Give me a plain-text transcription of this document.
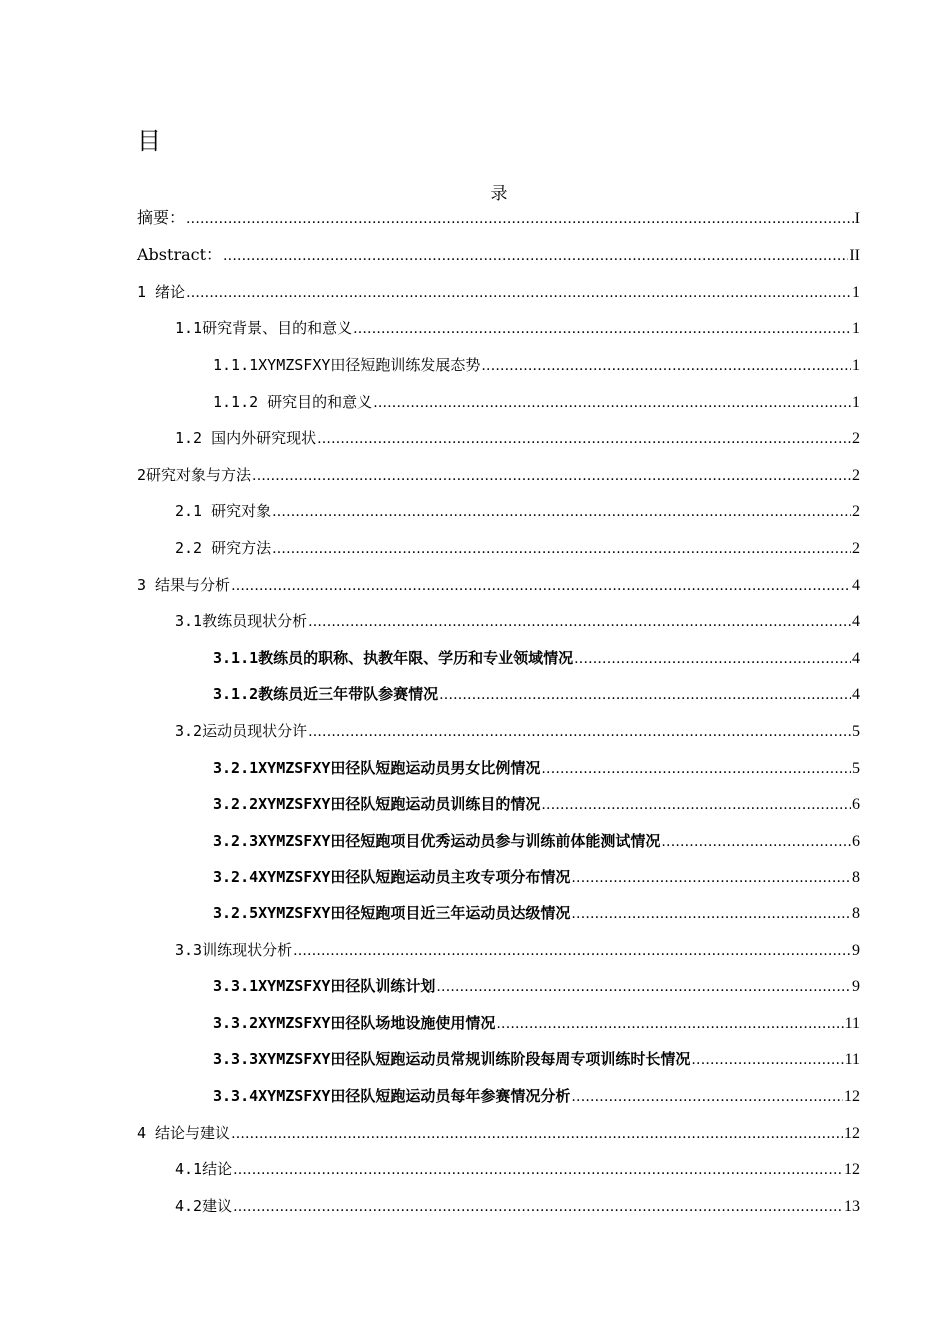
目
录
摘要： .....	I
Abstract： .....	II
1 绪论 .....	1
1.1研究背景、目的和意义 .....	1
1.1.1XYMZSFXY田径短跑训练发展态势 .....	1
1.1.2 研究目的和意义 .....	1
1.2 国内外研究现状 .....	2
2研究对象与方法 .....	2
2.1 研究对象 .....	2
2.2 研究方法 .....	2
3 结果与分析 .....	4
3.1教练员现状分析 .....	4
3.1.1教练员的职称、执教年限、学历和专业领域情况 .....	4
3.1.2教练员近三年带队参赛情况 .....	4
3.2运动员现状分许 .....	5
3.2.1XYMZSFXY田径队短跑运动员男女比例情况 .....	5
3.2.2XYMZSFXY田径队短跑运动员训练目的情况 .....	6
3.2.3XYMZSFXY田径短跑项目优秀运动员参与训练前体能测试情况 .....	6
3.2.4XYMZSFXY田径队短跑运动员主攻专项分布情况 .....	8
3.2.5XYMZSFXY田径短跑项目近三年运动员达级情况 .....	8
3.3训练现状分析 .....	9
3.3.1XYMZSFXY田径队训练计划 .....	9
3.3.2XYMZSFXY田径队场地设施使用情况 .....	11
3.3.3XYMZSFXY田径队短跑运动员常规训练阶段每周专项训练时长情况 .....	11
3.3.4XYMZSFXY田径队短跑运动员每年参赛情况分析 .....	12
4 结论与建议 .....	12
4.1结论 .....	12
4.2建议 .....	13
